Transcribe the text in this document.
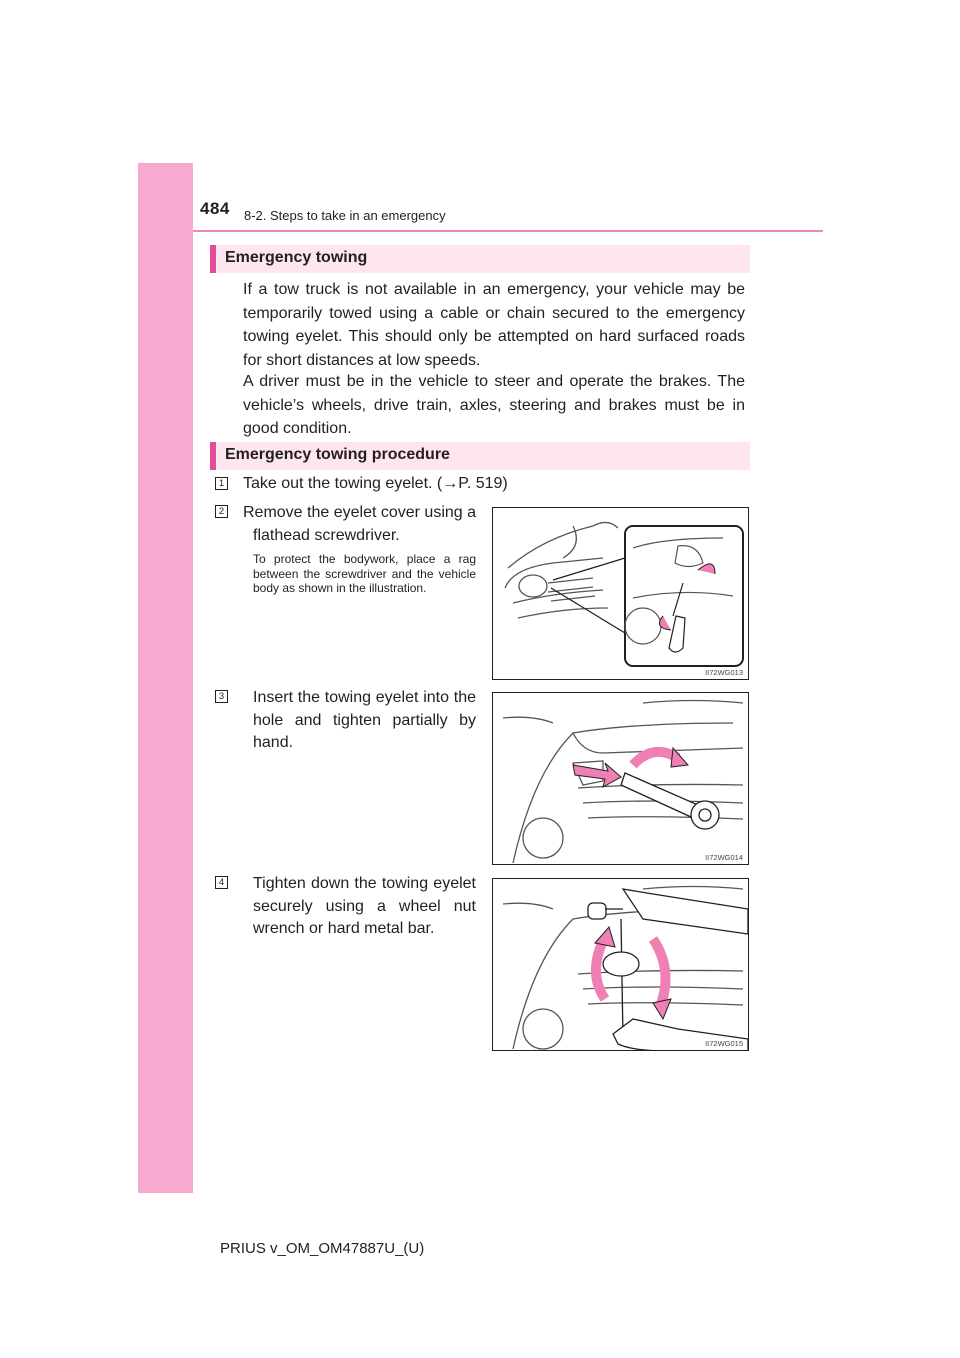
484 8-2. Steps to take in an emergency
Emergency towing

If a tow truck is not available in an emergency, your vehicle may be temporarily towed using a cable or chain secured to the emergency towing eyelet. This should only be attempted on hard surfaced roads for short distances at low speeds.

A driver must be in the vehicle to steer and operate the brakes. The vehicle’s wheels, drive train, axles, steering and brakes must be in good condition.

Emergency towing procedure
1 Take out the towing eyelet. (→P. 519)

2 Remove the eyelet cover using a flathead screwdriver.

To protect the bodywork, place a rag between the screwdriver and the vehicle body as shown in the illustration.

II72WG013
3 Insert the towing eyelet into the hole and tighten partially by hand.

II72WG014
4 Tighten down the towing eyelet securely using a wheel nut wrench or hard metal bar.

II72WG015
PRIUS v_OM_OM47887U_(U)
